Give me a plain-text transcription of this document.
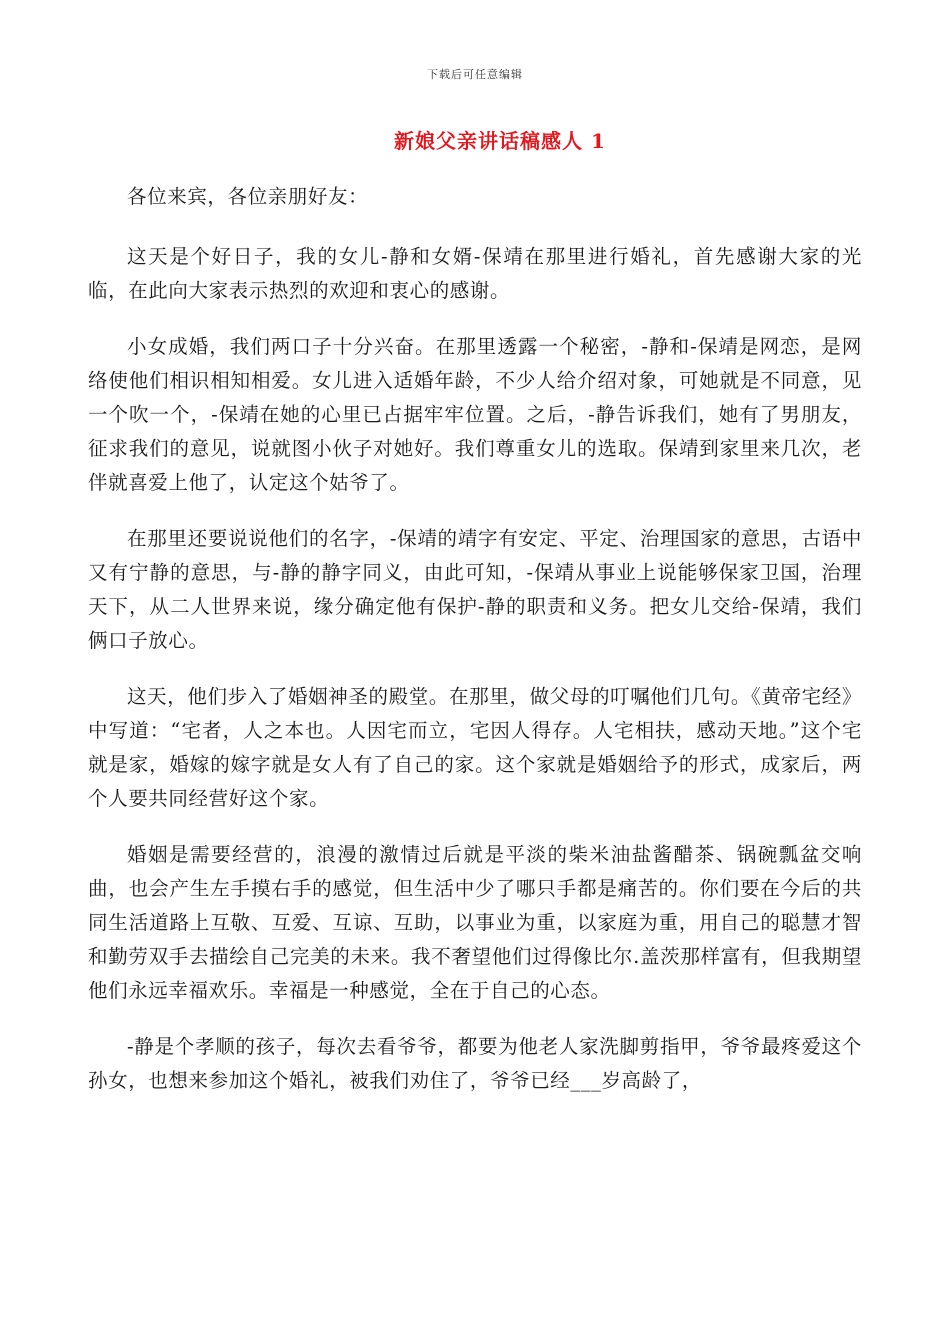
下载后可任意编辑
新娘父亲讲话稿感人 1

各位来宾，各位亲朋好友：

这天是个好日子，我的女儿-静和女婿-保靖在那里进行婚礼，首先感谢大家的光临，在此向大家表示热烈的欢迎和衷心的感谢。

小女成婚，我们两口子十分兴奋。在那里透露一个秘密，-静和-保靖是网恋，是网络使他们相识相知相爱。女儿进入适婚年龄，不少人给介绍对象，可她就是不同意，见一个吹一个，-保靖在她的心里已占据牢牢位置。之后，-静告诉我们，她有了男朋友，征求我们的意见，说就图小伙子对她好。我们尊重女儿的选取。保靖到家里来几次，老伴就喜爱上他了，认定这个姑爷了。

在那里还要说说他们的名字，-保靖的靖字有安定、平定、治理国家的意思，古语中又有宁静的意思，与-静的静字同义，由此可知，-保靖从事业上说能够保家卫国，治理天下，从二人世界来说，缘分确定他有保护-静的职责和义务。把女儿交给-保靖，我们俩口子放心。

这天，他们步入了婚姻神圣的殿堂。在那里，做父母的叮嘱他们几句。《黄帝宅经》中写道：“宅者，人之本也。人因宅而立，宅因人得存。人宅相扶，感动天地。”这个宅就是家，婚嫁的嫁字就是女人有了自己的家。这个家就是婚姻给予的形式，成家后，两个人要共同经营好这个家。

婚姻是需要经营的，浪漫的激情过后就是平淡的柴米油盐酱醋茶、锅碗瓢盆交响曲，也会产生左手摸右手的感觉，但生活中少了哪只手都是痛苦的。你们要在今后的共同生活道路上互敬、互爱、互谅、互助，以事业为重，以家庭为重，用自己的聪慧才智和勤劳双手去描绘自己完美的未来。我不奢望他们过得像比尔.盖茨那样富有，但我期望他们永远幸福欢乐。幸福是一种感觉，全在于自己的心态。

-静是个孝顺的孩子，每次去看爷爷，都要为他老人家洗脚剪指甲，爷爷最疼爱这个孙女，也想来参加这个婚礼，被我们劝住了，爷爷已经___岁高龄了，
